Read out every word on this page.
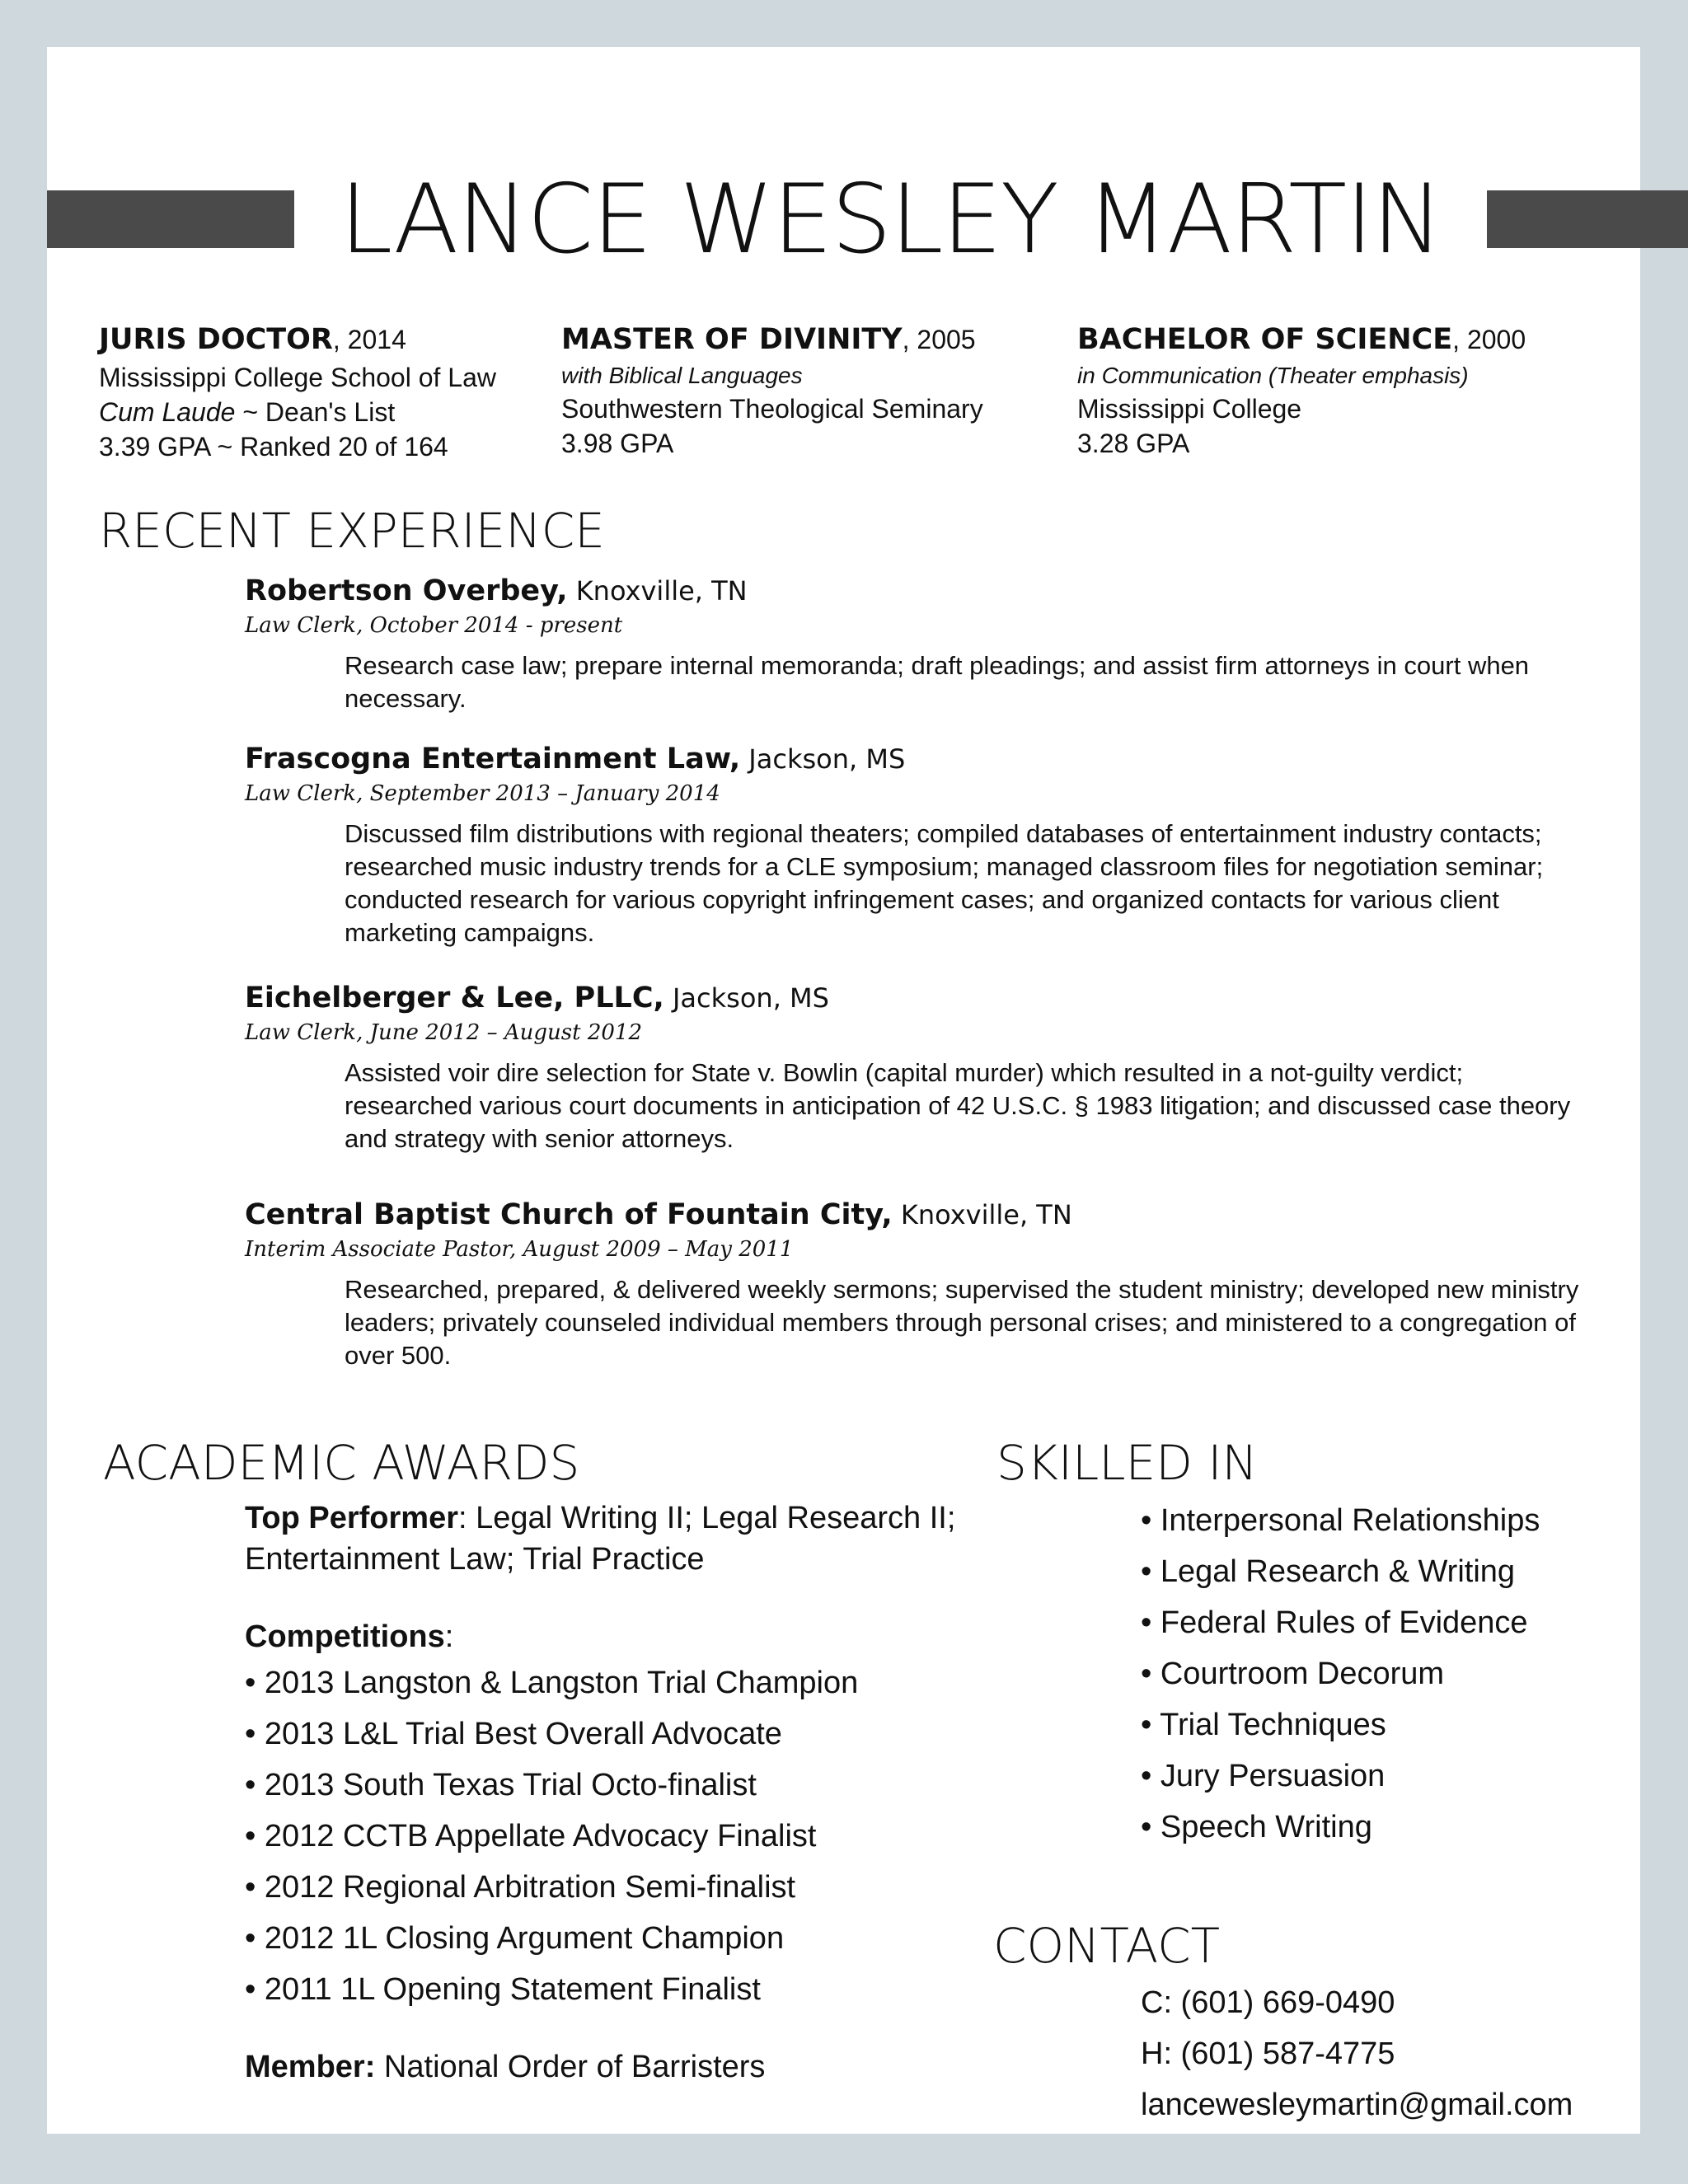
LANCE WESLEY MARTIN
JURIS DOCTOR, 2014
Mississippi College School of Law
Cum Laude ~ Dean's List
3.39 GPA ~ Ranked 20 of 164
MASTER OF DIVINITY, 2005
with Biblical Languages
Southwestern Theological Seminary
3.98 GPA
BACHELOR OF SCIENCE, 2000
in Communication (Theater emphasis)
Mississippi College
3.28 GPA
RECENT EXPERIENCE
Robertson Overbey, Knoxville, TN
Law Clerk, October 2014 - present
Research case law; prepare internal memoranda; draft pleadings; and assist firm attorneys in court when necessary.
Frascogna Entertainment Law, Jackson, MS
Law Clerk, September 2013 – January 2014
Discussed film distributions with regional theaters; compiled databases of entertainment industry contacts; researched music industry trends for a CLE symposium; managed classroom files for negotiation seminar; conducted research for various copyright infringement cases; and organized contacts for various client marketing campaigns.
Eichelberger & Lee, PLLC, Jackson, MS
Law Clerk, June 2012 – August 2012
Assisted voir dire selection for State v. Bowlin (capital murder) which resulted in a not-guilty verdict; researched various court documents in anticipation of 42 U.S.C. § 1983 litigation; and discussed case theory and strategy with senior attorneys.
Central Baptist Church of Fountain City, Knoxville, TN
Interim Associate Pastor, August 2009 – May 2011
Researched, prepared, & delivered weekly sermons; supervised the student ministry; developed new ministry leaders; privately counseled individual members through personal crises; and ministered to a congregation of over 500.
ACADEMIC AWARDS
Top Performer: Legal Writing II; Legal Research II; Entertainment Law; Trial Practice
Competitions:
• 2013 Langston & Langston Trial Champion
• 2013 L&L Trial Best Overall Advocate
• 2013 South Texas Trial Octo-finalist
• 2012 CCTB Appellate Advocacy Finalist
• 2012 Regional Arbitration Semi-finalist
• 2012 1L Closing Argument Champion
• 2011 1L Opening Statement Finalist
Member: National Order of Barristers
SKILLED IN
• Interpersonal Relationships
• Legal Research & Writing
• Federal Rules of Evidence
• Courtroom Decorum
• Trial Techniques
• Jury Persuasion
• Speech Writing
CONTACT
C: (601) 669-0490
H: (601) 587-4775
lancewesleymartin@gmail.com
